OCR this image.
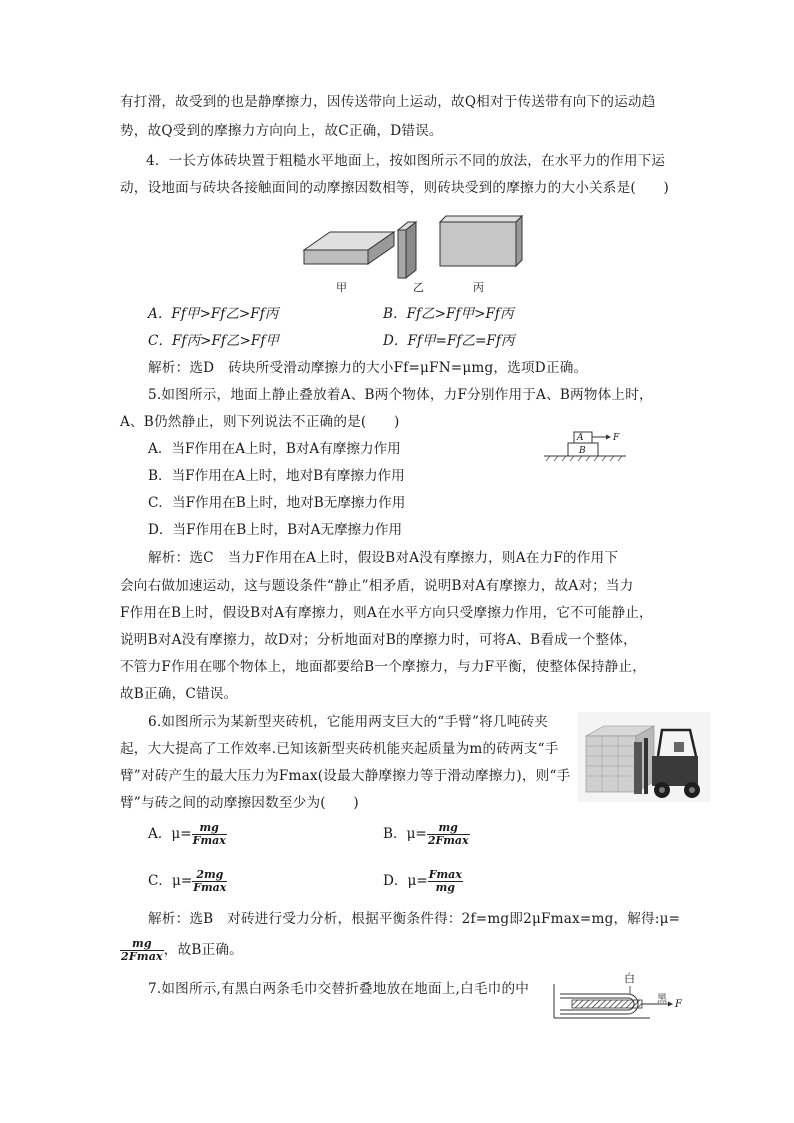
有打滑，故受到的也是静摩擦力，因传送带向上运动，故Q相对于传送带有向下的运动趋
势，故Q受到的摩擦力方向向上，故C正确，D错误。
4．一长方体砖块置于粗糙水平地面上，按如图所示不同的放法，在水平力的作用下运
动，设地面与砖块各接触面间的动摩擦因数相等，则砖块受到的摩擦力的大小关系是(　　)
甲	乙	丙
A．Ff甲>Ff乙>Ff丙	B．Ff乙>Ff甲>Ff丙
C．Ff丙>Ff乙>Ff甲	D．Ff甲=Ff乙=Ff丙
解析：选D　砖块所受滑动摩擦力的大小Ff=μFN=μmg，选项D正确。
5.如图所示，地面上静止叠放着A、B两个物体，力F分别作用于A、B两物体上时，
A、B仍然静止，则下列说法不正确的是(　　)
A．当F作用在A上时，B对A有摩擦力作用
B．当F作用在A上时，地对B有摩擦力作用
C．当F作用在B上时，地对B无摩擦力作用
D．当F作用在B上时，B对A无摩擦力作用
A
B
F
解析：选C　当力F作用在A上时，假设B对A没有摩擦力，则A在力F的作用下
会向右做加速运动，这与题设条件“静止”相矛盾，说明B对A有摩擦力，故A对；当力
F作用在B上时，假设B对A有摩擦力，则A在水平方向只受摩擦力作用，它不可能静止，
说明B对A没有摩擦力，故D对；分析地面对B的摩擦力时，可将A、B看成一个整体，
不管力F作用在哪个物体上，地面都要给B一个摩擦力，与力F平衡，使整体保持静止，
故B正确，C错误。
6.如图所示为某新型夹砖机，它能用两支巨大的“手臂”将几吨砖夹
起，大大提高了工作效率.已知该新型夹砖机能夹起质量为m的砖两支“手
臂”对砖产生的最大压力为Fmax(设最大静摩擦力等于滑动摩擦力)，则“手
臂”与砖之间的动摩擦因数至少为(　　)
A．$\mu= \frac{mg}{Fmax}$	B．$\mu= \frac{mg}{2Fmax}$
C．$\mu= \frac{2mg}{Fmax}$	D．$\mu= \frac{Fmax}{mg}$
解析：选B　对砖进行受力分析，根据平衡条件得：2f=mg即2μFmax=mg，解得:μ=
$\frac{mg}{2Fmax}$ ，故B正确。
7.如图所示,有黑白两条毛巾交替折叠地放在地面上,白毛巾的中
白
黑 F
